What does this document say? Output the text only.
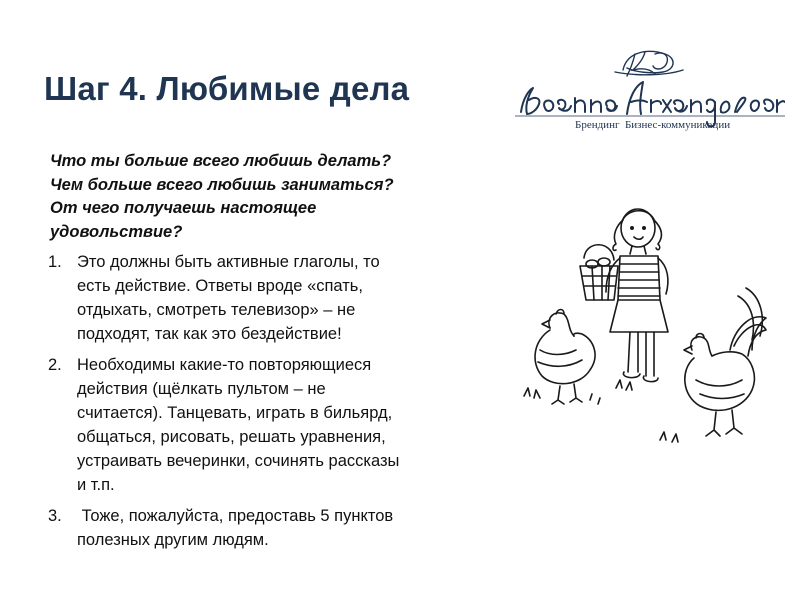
Шаг 4. Любимые дела
Брендинг  Бизнес-коммуникации
Что ты больше всего любишь делать?
Чем больше всего любишь заниматься?
От чего получаешь настоящее
удовольствие?
1. Это должны быть активные глаголы, то
есть действие. Ответы вроде «спать,
отдыхать, смотреть телевизор» – не
подходят, так как это бездействие!
2. Необходимы какие-то повторяющиеся
действия (щёлкать пультом – не
считается). Танцевать, играть в бильярд,
общаться, рисовать, решать уравнения,
устраивать вечеринки, сочинять рассказы
и т.п.
3. Тоже, пожалуйста, предоставь 5 пунктов
полезных другим людям.
